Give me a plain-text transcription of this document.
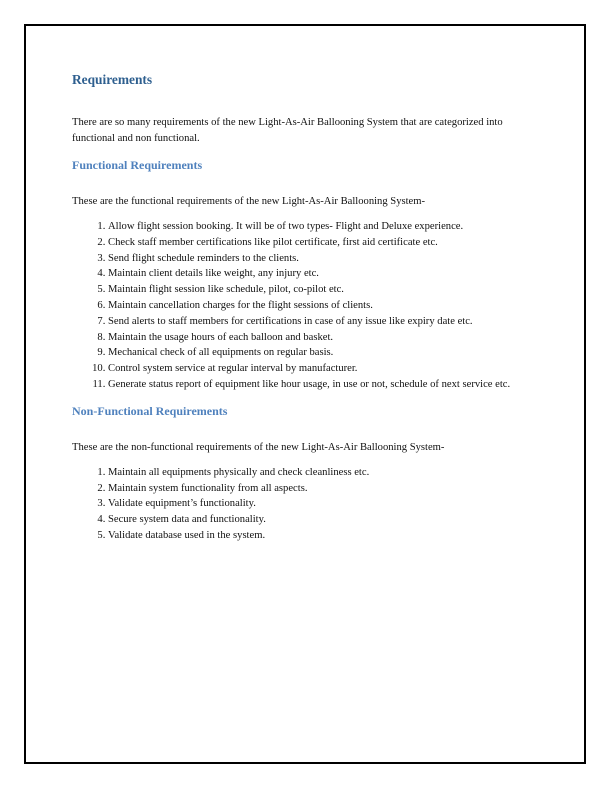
Requirements

There are so many requirements of the new Light-As-Air Ballooning System that are categorized into functional and non functional.

Functional Requirements

These are the functional requirements of the new Light-As-Air Ballooning System-

1. Allow flight session booking. It will be of two types- Flight and Deluxe experience.
2. Check staff member certifications like pilot certificate, first aid certificate etc.
3. Send flight schedule reminders to the clients.
4. Maintain client details like weight, any injury etc.
5. Maintain flight session like schedule, pilot, co-pilot etc.
6. Maintain cancellation charges for the flight sessions of clients.
7. Send alerts to staff members for certifications in case of any issue like expiry date etc.
8. Maintain the usage hours of each balloon and basket.
9. Mechanical check of all equipments on regular basis.
10. Control system service at regular interval by manufacturer.
11. Generate status report of equipment like hour usage, in use or not, schedule of next service etc.
Non-Functional Requirements

These are the non-functional requirements of the new Light-As-Air Ballooning System-

1. Maintain all equipments physically and check cleanliness etc.
2. Maintain system functionality from all aspects.
3. Validate equipment’s functionality.
4. Secure system data and functionality.
5. Validate database used in the system.
